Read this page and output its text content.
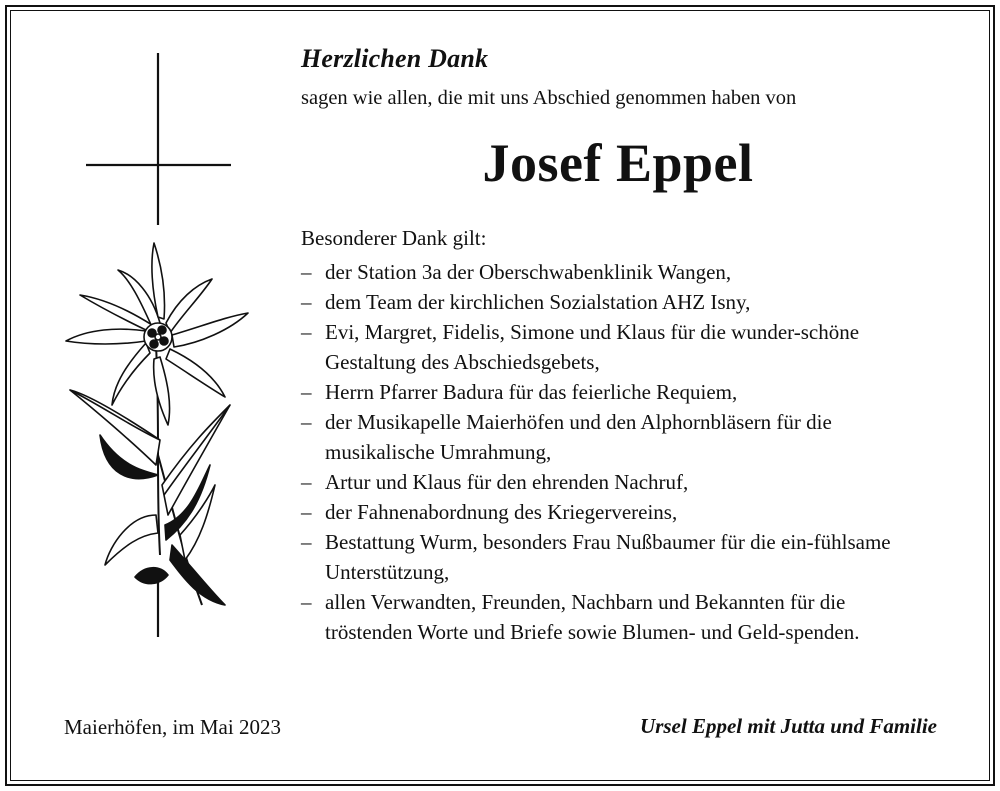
Herzlichen Dank
sagen wie allen, die mit uns Abschied genommen haben von
Josef Eppel
Besonderer Dank gilt:
– der Station 3a der Oberschwabenklinik Wangen,
– dem Team der kirchlichen Sozialstation AHZ Isny,
– Evi, Margret, Fidelis, Simone und Klaus für die wunder-schöne Gestaltung des Abschiedsgebets,
– Herrn Pfarrer Badura für das feierliche Requiem,
– der Musikapelle Maierhöfen und den Alphornbläsern für die musikalische Umrahmung,
– Artur und Klaus für den ehrenden Nachruf,
– der Fahnenabordnung des Kriegervereins,
– Bestattung Wurm, besonders Frau Nußbaumer für die ein-fühlsame Unterstützung,
– allen Verwandten, Freunden, Nachbarn und Bekannten für die tröstenden Worte und Briefe sowie Blumen- und Geld-spenden.
Maierhöfen, im Mai 2023	Ursel Eppel mit Jutta und Familie
